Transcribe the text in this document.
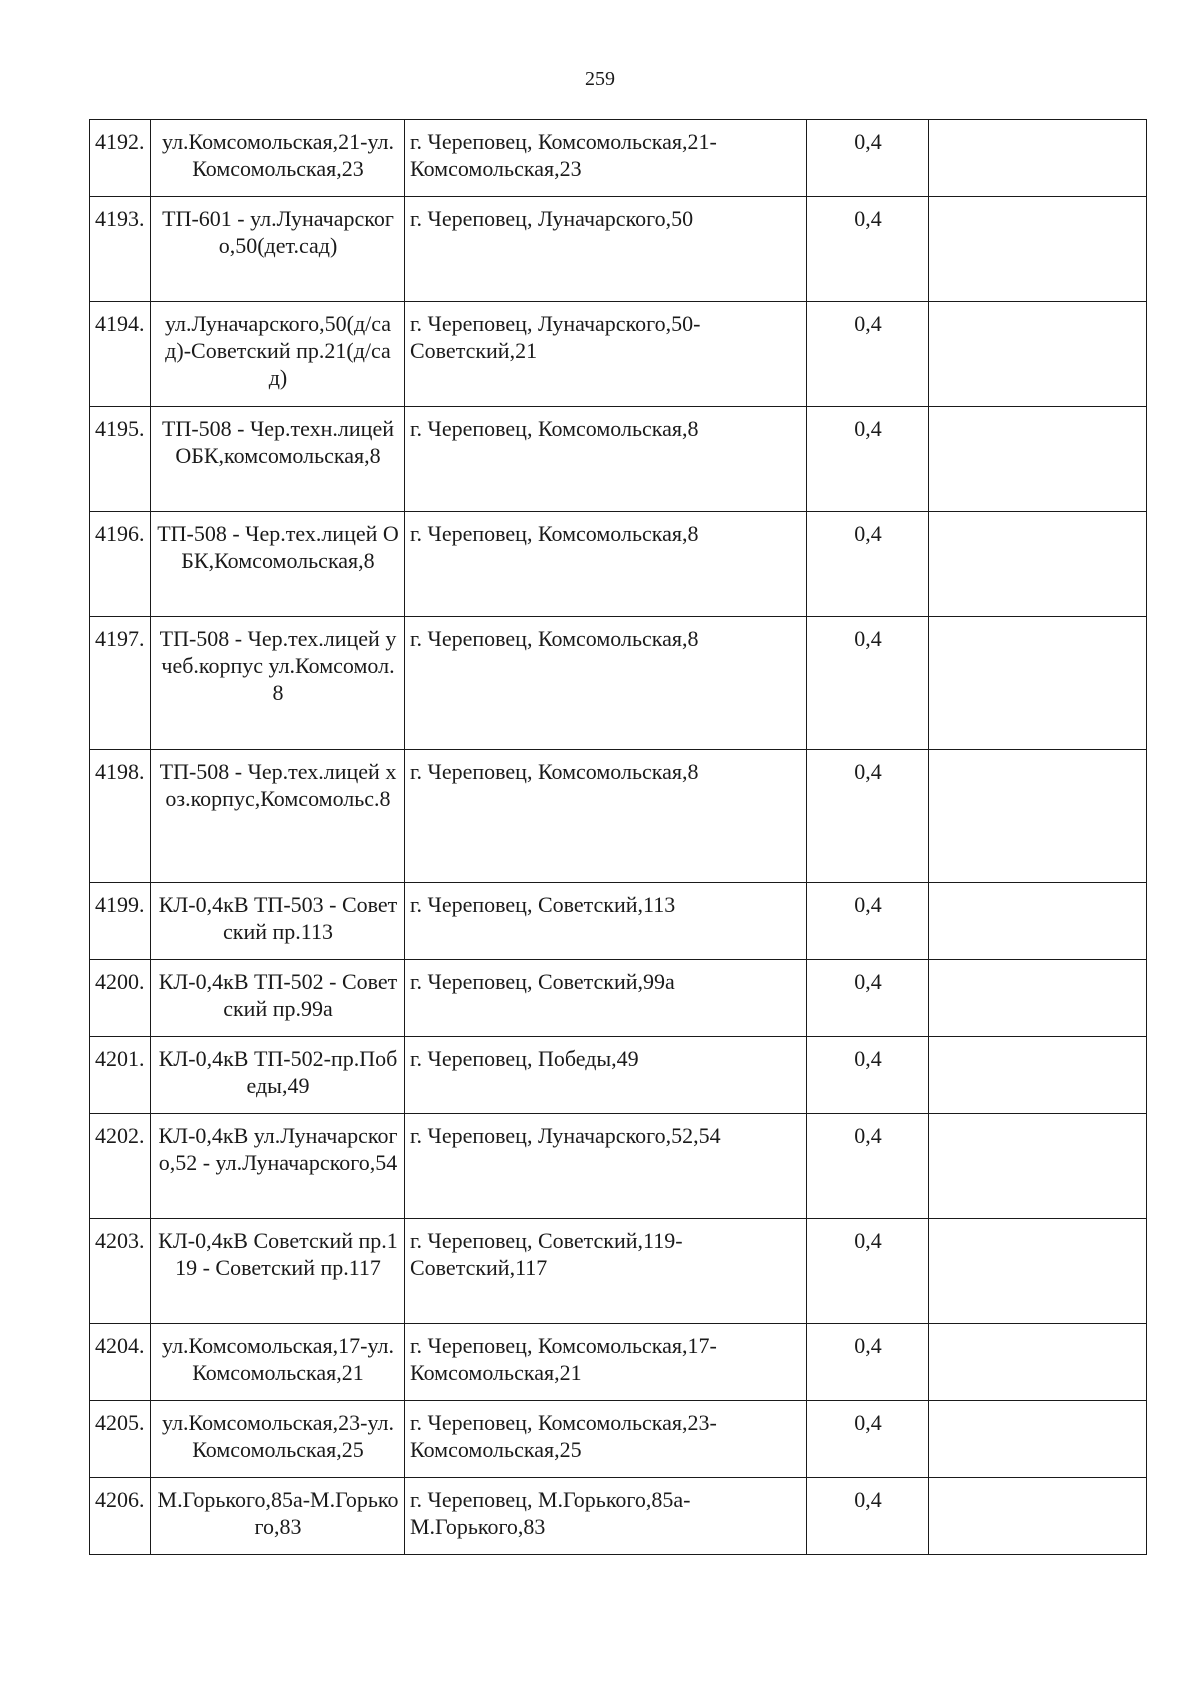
259
4192.	ул.Комсомольская,21-ул.Комсомольская,23	г. Череповец, Комсомольская,21-Комсомольская,23	0,4	
4193.	ТП-601 - ул.Луначарского,50(дет.сад)	г. Череповец, Луначарского,50	0,4	
4194.	ул.Луначарского,50(д/сад)-Советский пр.21(д/сад)	г. Череповец, Луначарского,50-Советский,21	0,4	
4195.	ТП-508 - Чер.техн.лицей ОБК,комсомольская,8	г. Череповец, Комсомольская,8	0,4	
4196.	ТП-508 - Чер.тех.лицей ОБК,Комсомольская,8	г. Череповец, Комсомольская,8	0,4	
4197.	ТП-508 - Чер.тех.лицей учеб.корпус ул.Комсомол.8	г. Череповец, Комсомольская,8	0,4	
4198.	ТП-508 - Чер.тех.лицей хоз.корпус,Комсомольс.8	г. Череповец, Комсомольская,8	0,4	
4199.	КЛ-0,4кВ ТП-503 - Советский пр.113	г. Череповец, Советский,113	0,4	
4200.	КЛ-0,4кВ ТП-502 - Советский пр.99а	г. Череповец, Советский,99а	0,4	
4201.	КЛ-0,4кВ ТП-502-пр.Победы,49	г. Череповец, Победы,49	0,4	
4202.	КЛ-0,4кВ ул.Луначарского,52 - ул.Луначарского,54	г. Череповец, Луначарского,52,54	0,4	
4203.	КЛ-0,4кВ Советский пр.119 - Советский пр.117	г. Череповец, Советский,119-Советский,117	0,4	
4204.	ул.Комсомольская,17-ул.Комсомольская,21	г. Череповец, Комсомольская,17-Комсомольская,21	0,4	
4205.	ул.Комсомольская,23-ул.Комсомольская,25	г. Череповец, Комсомольская,23-Комсомольская,25	0,4	
4206.	М.Горького,85а-М.Горького,83	г. Череповец, М.Горького,85а-М.Горького,83	0,4	
